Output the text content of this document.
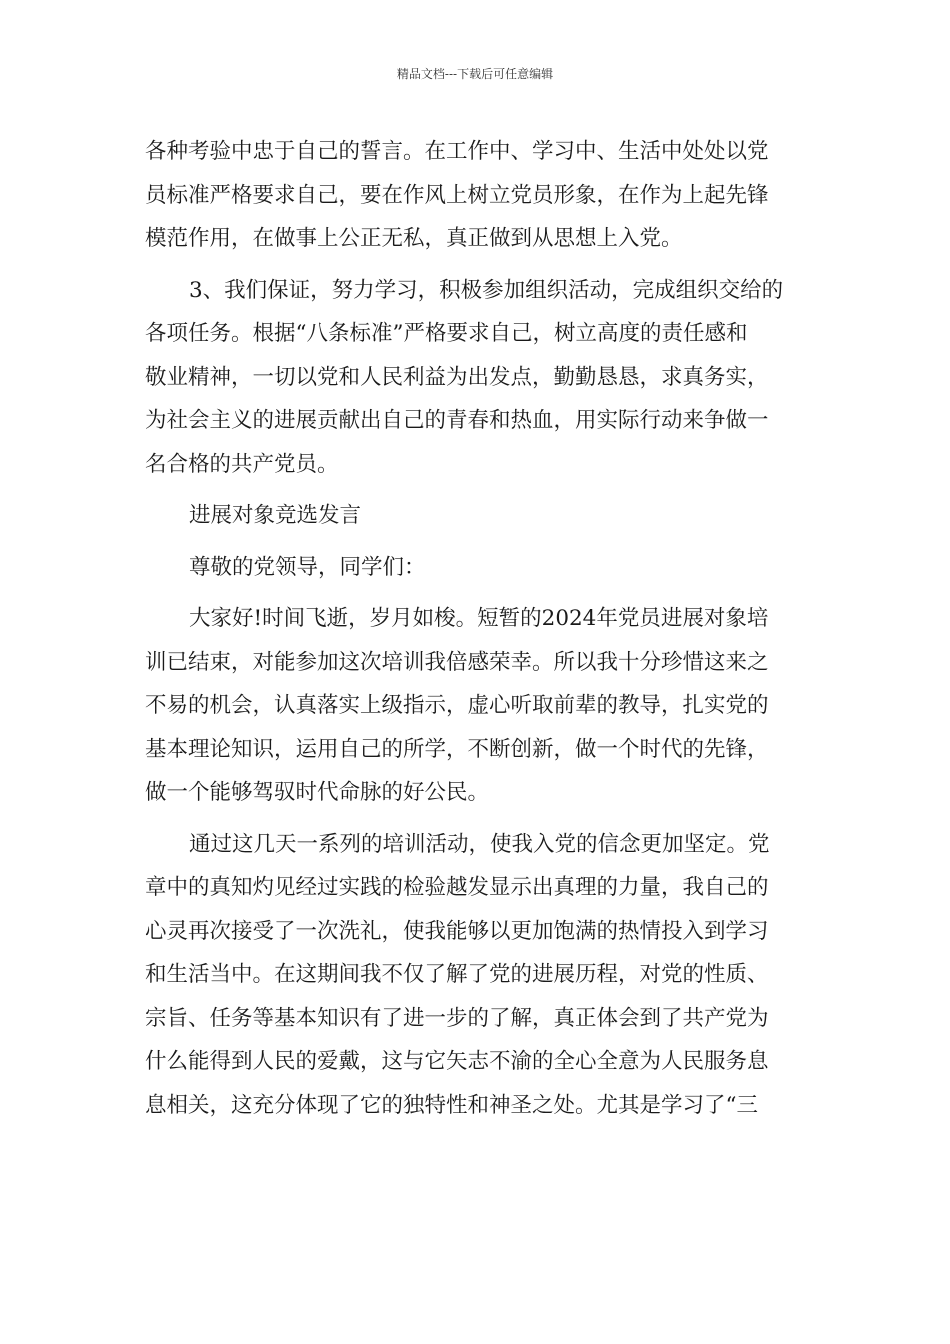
精品文档---下载后可任意编辑
各种考验中忠于自己的誓言。在工作中、学习中、生活中处处以党
员标准严格要求自己，要在作风上树立党员形象，在作为上起先锋
模范作用，在做事上公正无私，真正做到从思想上入党。
3、我们保证，努力学习，积极参加组织活动，完成组织交给的
各项任务。根据“八条标准”严格要求自己，树立高度的责任感和
敬业精神，一切以党和人民利益为出发点，勤勤恳恳，求真务实，
为社会主义的进展贡献出自己的青春和热血，用实际行动来争做一
名合格的共产党员。
进展对象竞选发言
尊敬的党领导，同学们：
大家好!时间飞逝，岁月如梭。短暂的2024年党员进展对象培
训已结束，对能参加这次培训我倍感荣幸。所以我十分珍惜这来之
不易的机会，认真落实上级指示，虚心听取前辈的教导，扎实党的
基本理论知识，运用自己的所学，不断创新，做一个时代的先锋，
做一个能够驾驭时代命脉的好公民。
通过这几天一系列的培训活动，使我入党的信念更加坚定。党
章中的真知灼见经过实践的检验越发显示出真理的力量，我自己的
心灵再次接受了一次洗礼，使我能够以更加饱满的热情投入到学习
和生活当中。在这期间我不仅了解了党的进展历程，对党的性质、
宗旨、任务等基本知识有了进一步的了解，真正体会到了共产党为
什么能得到人民的爱戴，这与它矢志不渝的全心全意为人民服务息
息相关，这充分体现了它的独特性和神圣之处。尤其是学习了“三
